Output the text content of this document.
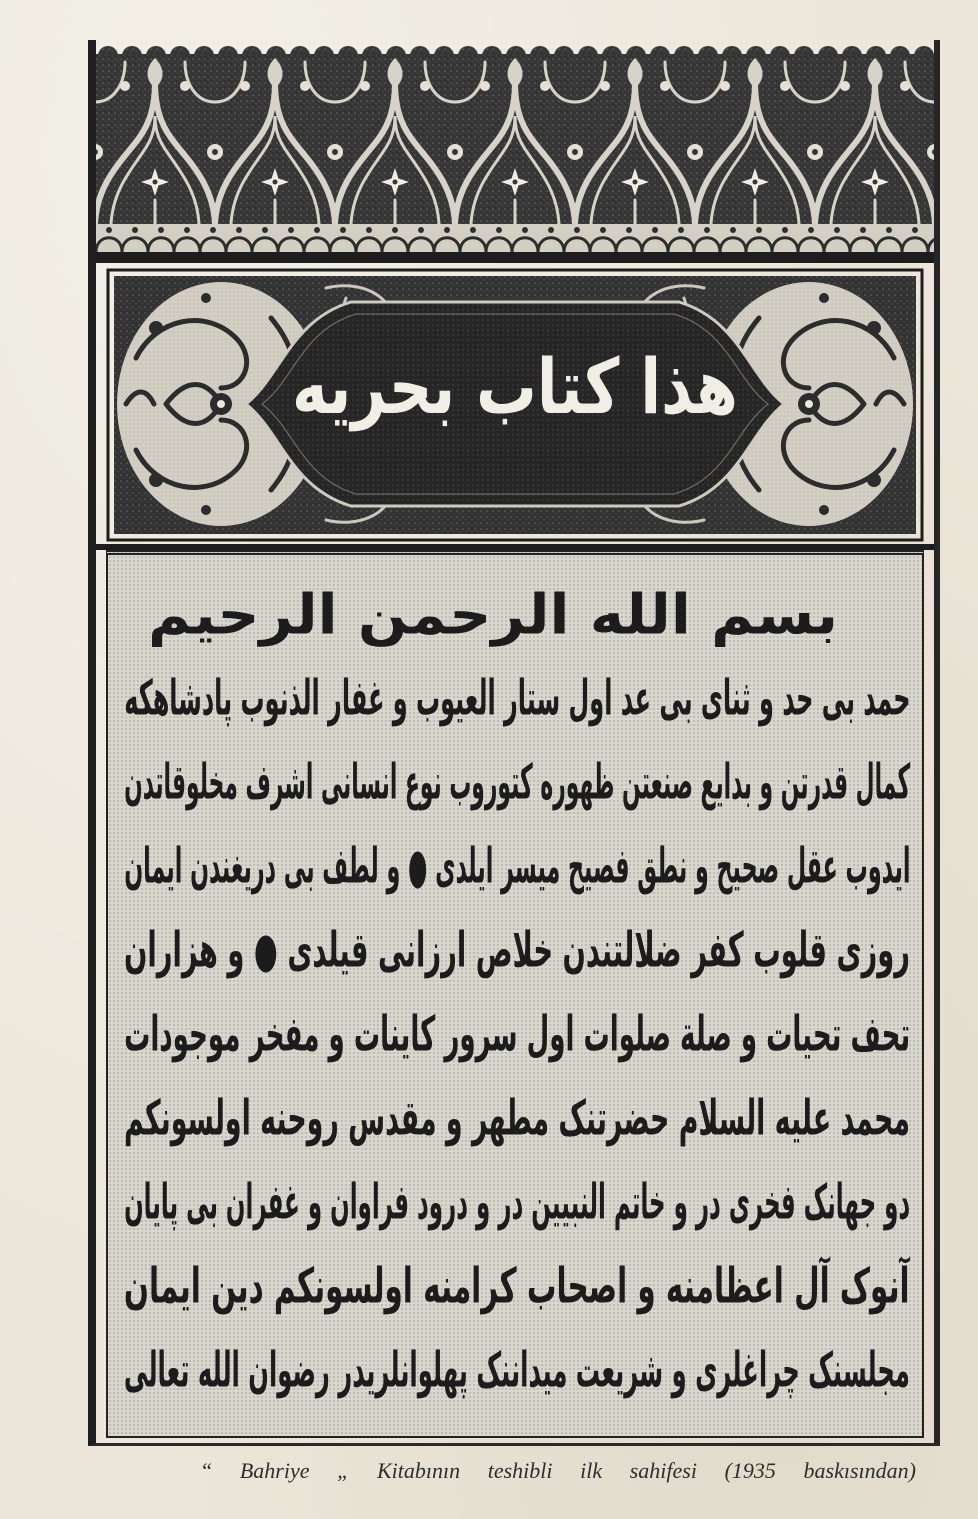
هذا کتاب بحریه
بسم الله الرحمن الرحيم
حمد بی حد و ثنای بی عد اول ستار العیوب و غفار الذنوب پادشاهکه
کمال قدرتن و بدایع صنعتن ظهوره کتوروب نوع انسانی اشرف مخلوقاتدن
ایدوب عقل صحیح و نطق فصیح میسر ایلدی ● و لطف بی دریغندن ایمان
روزی قلوب کفر ضلالتندن خلاص ارزانی قیلدی ● و هزاران
تحف تحیات و صلة صلوات اول سرور کاینات و مفخر موجودات
محمد علیه السلام حضرتنک مطهر و مقدس روحنه اولسونکم
دو جهانک فخری در و خاتم النبیین در و درود فراوان و غفران بی پایان
آنوک آل اعظامنه و اصحاب کرامنه اولسونکم دین ایمان
مجلسنک چراغلری و شریعت میداننک پهلوانلریدر رضوان الله تعالی
“ Bahriye „ Kitabının teshibli ilk sahifesi (1935 baskısından)
